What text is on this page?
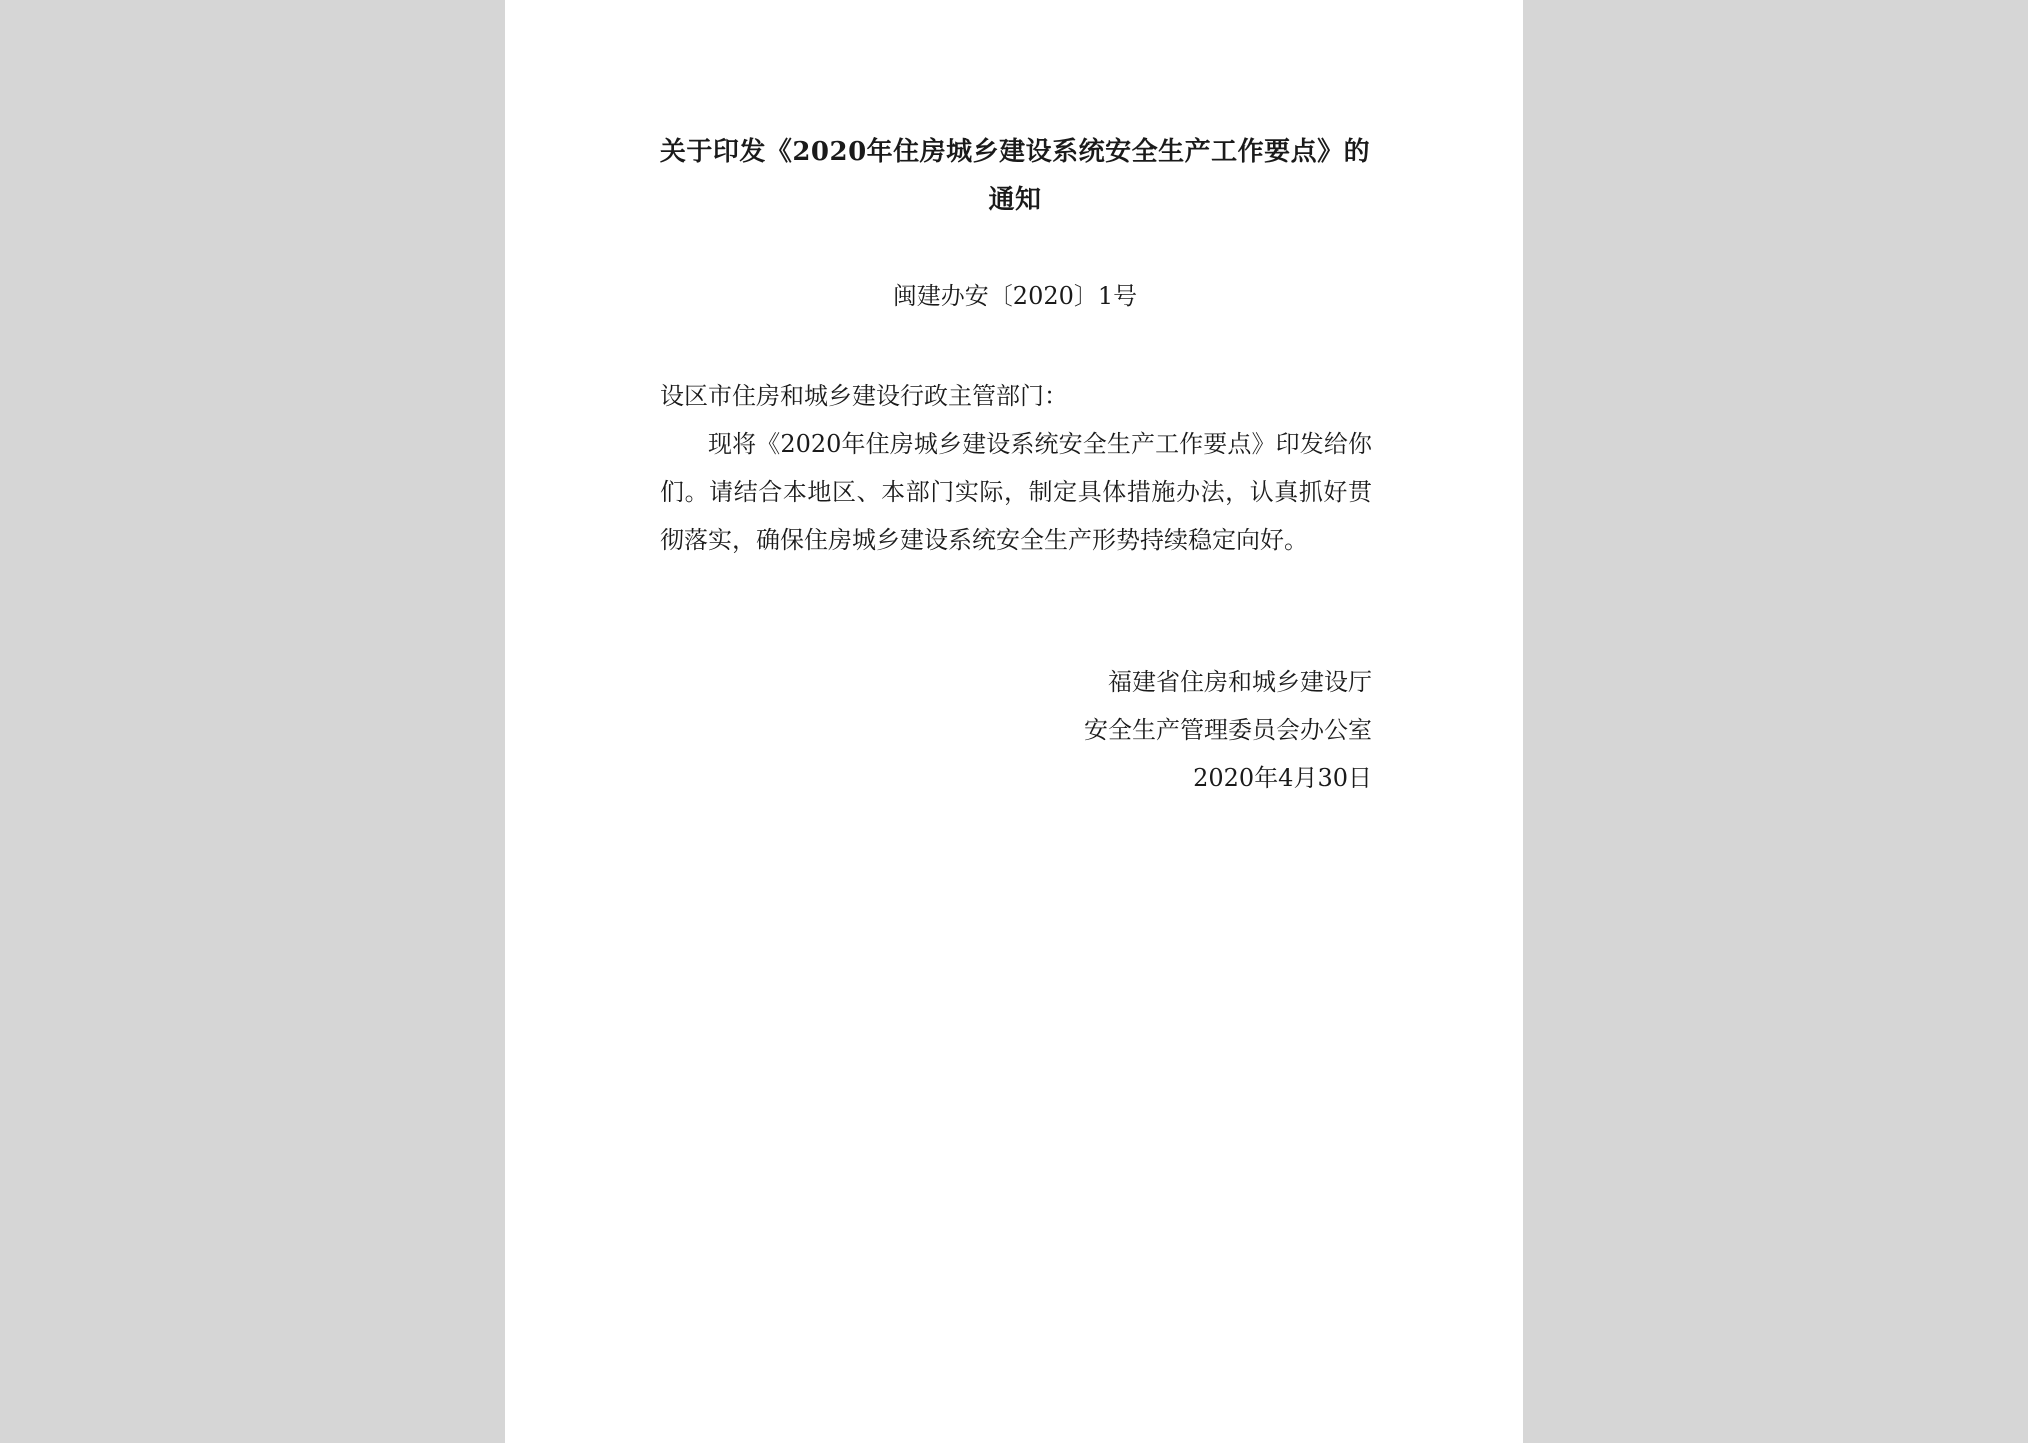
关于印发《2020年住房城乡建设系统安全生产工作要点》的
通知
闽建办安〔2020〕1号
设区市住房和城乡建设行政主管部门：
现将《2020年住房城乡建设系统安全生产工作要点》印发给你们。请结合本地区、本部门实际，制定具体措施办法，认真抓好贯彻落实，确保住房城乡建设系统安全生产形势持续稳定向好。
福建省住房和城乡建设厅
安全生产管理委员会办公室
2020年4月30日
